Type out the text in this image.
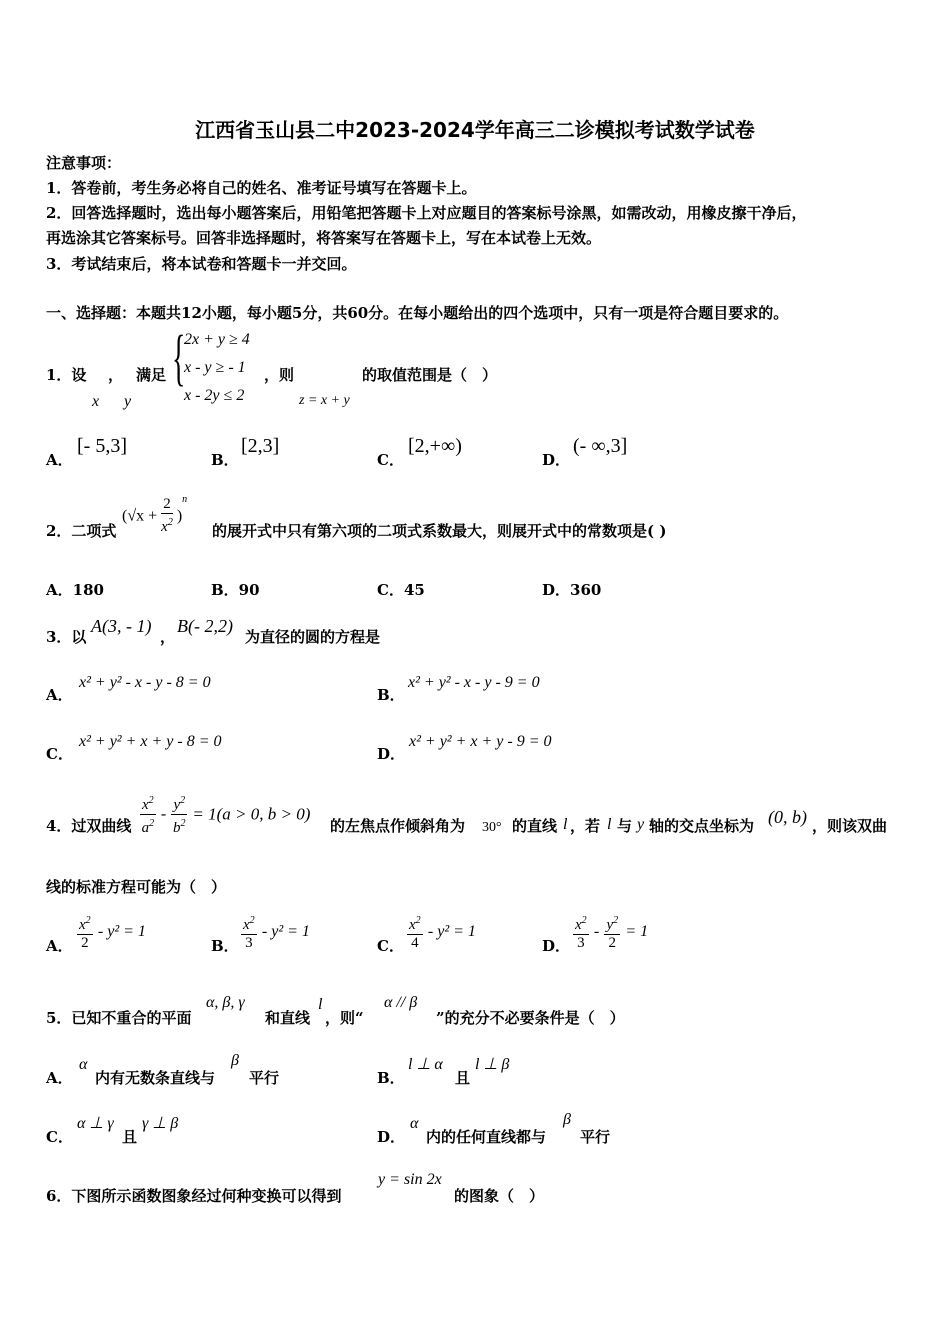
江西省玉山县二中2023-2024学年高三二诊模拟考试数学试卷
注意事项：
1．答卷前，考生务必将自己的姓名、准考证号填写在答题卡上。
2．回答选择题时，选出每小题答案后，用铅笔把答题卡上对应题目的答案标号涂黑，如需改动，用橡皮擦干净后，
再选涂其它答案标号。回答非选择题时，将答案写在答题卡上，写在本试卷上无效。
3．考试结束后，将本试卷和答题卡一并交回。
一、选择题：本题共12小题，每小题5分，共60分。在每小题给出的四个选项中，只有一项是符合题目要求的。
1．设 ， 满足
x y
{
2x + y ≥ 4
x - y ≥ - 1
x - 2y ≤ 2
，则
z = x + y
的取值范围是（　）
A．
[- 5,3]
B．
[2,3]
C．
[2,+∞)
D．
(- ∞,3]
2．二项式
$(√x + \frac{2}{x^2} )^n$
的展开式中只有第六项的二项式系数最大，则展开式中的常数项是( )
A．180	B．90	C．45	D．360
3．以
A(3, - 1)
，
B(- 2,2)
为直径的圆的方程是
A．
x² + y² - x - y - 8 = 0
B．
x² + y² - x - y - 9 = 0
C．
x² + y² + x + y - 8 = 0
D．
x² + y² + x + y - 9 = 0
4．过双曲线 $\frac{x^2}{a^2} - \frac{y^2}{b^2} = 1(a > 0$, b > 0)
的左焦点作倾斜角为 30° 的直线 l ，若 l 与 y 轴的交点坐标为 (0, b) ，则该双曲
线的标准方程可能为（　）
A． $\frac{x^2}{2} - y^2 = 1$
B． $\frac{x^2}{3} - y^2 = 1$
C． $\frac{x^2}{4} - y^2 = 1$
D． $\frac{x^2}{3} - \frac{y^2}{2} = 1$
5．已知不重合的平面
α, β, γ
和直线
l
，则“
α // β
”的充分不必要条件是（　）
A．
α
内有无数条直线与
β
平行	B．
l ⊥ α
且
l ⊥ β
C．
α ⊥ γ
且
γ ⊥ β
D．
α
内的任何直线都与
β
平行
6．下图所示函数图象经过何种变换可以得到
y = sin 2x
的图象（　）
